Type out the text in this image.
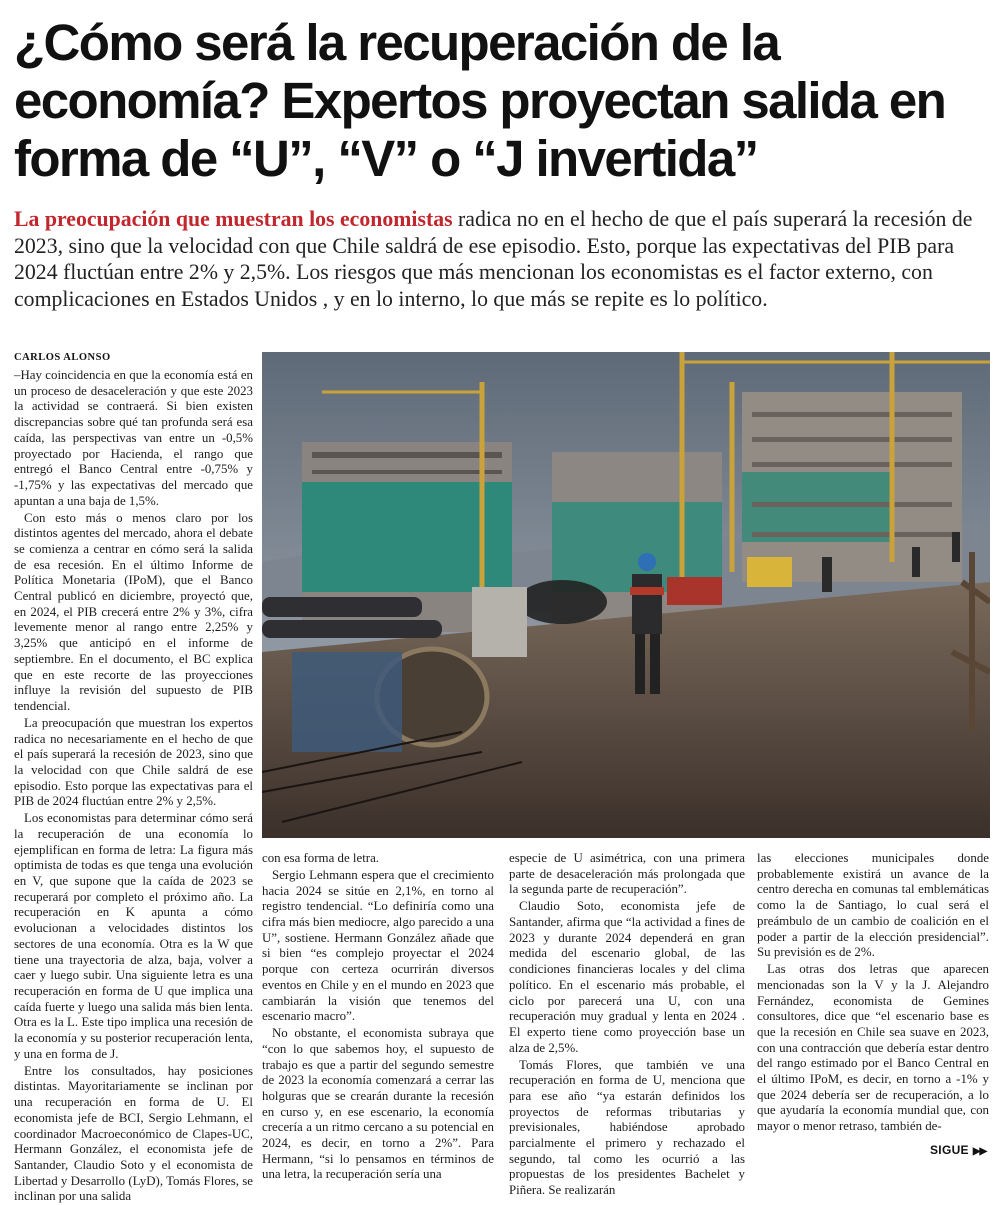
¿Cómo será la recuperación de la economía? Expertos proyectan salida en forma de “U”, “V” o “J invertida”

La preocupación que muestran los economistas radica no en el hecho de que el país superará la recesión de 2023, sino que la velocidad con que Chile saldrá de ese episodio. Esto, porque las expectativas del PIB para 2024 fluctúan entre 2% y 2,5%. Los riesgos que más mencionan los economistas es el factor externo, con complicaciones en Estados Unidos , y en lo interno, lo que más se repite es lo político.

CARLOS ALONSO

–Hay coincidencia en que la economía está en un proceso de desaceleración y que este 2023 la actividad se contraerá. Si bien existen discrepancias sobre qué tan profunda será esa caída, las perspectivas van entre un -0,5% proyectado por Hacienda, el rango que entregó el Banco Central entre -0,75% y -1,75% y las expectativas del mercado que apuntan a una baja de 1,5%.

Con esto más o menos claro por los distintos agentes del mercado, ahora el debate se comienza a centrar en cómo será la salida de esa recesión. En el último Informe de Política Monetaria (IPoM), que el Banco Central publicó en diciembre, proyectó que, en 2024, el PIB crecerá entre 2% y 3%, cifra levemente menor al rango entre 2,25% y 3,25% que anticipó en el informe de septiembre. En el documento, el BC explica que en este recorte de las proyecciones influye la revisión del supuesto de PIB tendencial.

La preocupación que muestran los expertos radica no necesariamente en el hecho de que el país superará la recesión de 2023, sino que la velocidad con que Chile saldrá de ese episodio. Esto porque las expectativas para el PIB de 2024 fluctúan entre 2% y 2,5%.

Los economistas para determinar cómo será la recuperación de una economía lo ejemplifican en forma de letra: La figura más optimista de todas es que tenga una evolución en V, que supone que la caída de 2023 se recuperará por completo el próximo año. La recuperación en K apunta a cómo evolucionan a velocidades distintos los sectores de una economía. Otra es la W que tiene una trayectoria de alza, baja, volver a caer y luego subir. Una siguiente letra es una recuperación en forma de U que implica una caída fuerte y luego una salida más bien lenta. Otra es la L. Este tipo implica una recesión de la economía y su posterior recuperación lenta, y una en forma de J.

Entre los consultados, hay posiciones distintas. Mayoritariamente se inclinan por una recuperación en forma de U. El economista jefe de BCI, Sergio Lehmann, el coordinador Macroeconómico de Clapes-UC, Hermann González, el economista jefe de Santander, Claudio Soto y el economista de Libertad y Desarrollo (LyD), Tomás Flores, se inclinan por una salida

con esa forma de letra.

Sergio Lehmann espera que el crecimiento hacia 2024 se sitúe en 2,1%, en torno al registro tendencial. “Lo definiría como una cifra más bien mediocre, algo parecido a una U”, sostiene. Hermann González añade que si bien “es complejo proyectar el 2024 porque con certeza ocurrirán diversos eventos en Chile y en el mundo en 2023 que cambiarán la visión que tenemos del escenario macro”.

No obstante, el economista subraya que “con lo que sabemos hoy, el supuesto de trabajo es que a partir del segundo semestre de 2023 la economía comenzará a cerrar las holguras que se crearán durante la recesión en curso y, en ese escenario, la economía crecería a un ritmo cercano a su potencial en 2024, es decir, en torno a 2%”. Para Hermann, “si lo pensamos en términos de una letra, la recuperación sería una

especie de U asimétrica, con una primera parte de desaceleración más prolongada que la segunda parte de recuperación”.

Claudio Soto, economista jefe de Santander, afirma que “la actividad a fines de 2023 y durante 2024 dependerá en gran medida del escenario global, de las condiciones financieras locales y del clima político. En el escenario más probable, el ciclo por parecerá una U, con una recuperación muy gradual y lenta en 2024 . El experto tiene como proyección base un alza de 2,5%.

Tomás Flores, que también ve una recuperación en forma de U, menciona que para ese año “ya estarán definidos los proyectos de reformas tributarias y previsionales, habiéndose aprobado parcialmente el primero y rechazado el segundo, tal como les ocurrió a las propuestas de los presidentes Bachelet y Piñera. Se realizarán

las elecciones municipales donde probablemente existirá un avance de la centro derecha en comunas tal emblemáticas como la de Santiago, lo cual será el preámbulo de un cambio de coalición en el poder a partir de la elección presidencial”. Su previsión es de 2%.

Las otras dos letras que aparecen mencionadas son la V y la J. Alejandro Fernández, economista de Gemines consultores, dice que “el escenario base es que la recesión en Chile sea suave en 2023, con una contracción que debería estar dentro del rango estimado por el Banco Central en el último IPoM, es decir, en torno a -1% y que 2024 debería ser de recuperación, a lo que ayudaría la economía mundial que, con mayor o menor retraso, también de-

SIGUE ▶▶
